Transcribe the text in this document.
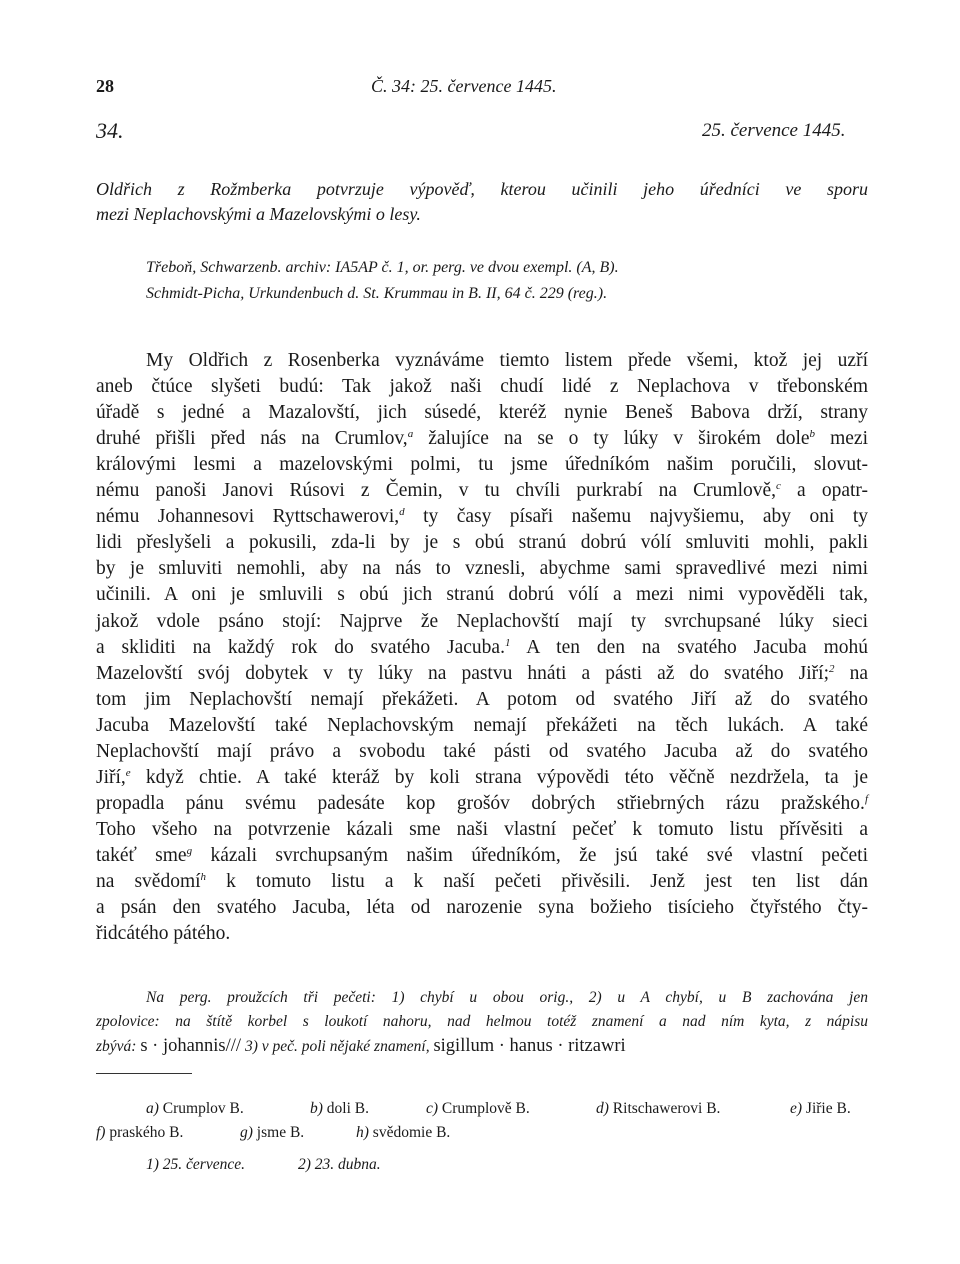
28	Č. 34: 25. července 1445.
34.	25. července 1445.
Oldřich z Rožmberka potvrzuje výpověď, kterou učinili jeho úředníci ve sporu
mezi Neplachovskými a Mazelovskými o lesy.
Třeboň, Schwarzenb. archiv: IA5AP č. 1, or. perg. ve dvou exempl. (A, B).
Schmidt-Picha, Urkundenbuch d. St. Krummau in B. II, 64 č. 229 (reg.).
My Oldřich z Rosenberka vyznáváme tiemto listem přede všemi, ktož jej uzří
aneb čtúce slyšeti budú: Tak jakož naši chudí lidé z Neplachova v třebonském
úřadě s jedné a Mazalovští, jich súsedé, kteréž nynie Beneš Babova drží, strany
druhé přišli před nás na Crumlov,$^a$ žalujíce na se o ty lúky v širokém dole$^b$ mezi
královými lesmi a mazelovskými polmi, tu jsme úředníkóm našim poručili, slovut-
nému panoši Janovi Rúsovi z Čemin, v tu chvíli purkrabí na Crumlově,$^c$ a opatr-
nému Johannesovi Ryttschawerovi,$^d$ ty časy písaři našemu najvyšiemu, aby oni ty
lidi přeslyšeli a pokusili, zda-li by je s obú stranú dobrú vólí smluviti mohli, pakli
by je smluviti nemohli, aby na nás to vznesli, abychme sami spravedlivé mezi nimi
učinili. A oni je smluvili s obú jich stranú dobrú vólí a mezi nimi vypověděli tak,
jakož vdole psáno stojí: Najprve že Neplachovští mají ty svrchupsané lúky sieci
a skliditi na každý rok do svatého Jacuba.$^1$ A ten den na svatého Jacuba mohú
Mazelovští svój dobytek v ty lúky na pastvu hnáti a pásti až do svatého Jiří;$^2$ na
tom jim Neplachovští nemají překážeti. A potom od svatého Jiří až do svatého
Jacuba Mazelovští také Neplachovským nemají překážeti na těch lukách. A také
Neplachovští mají právo a svobodu také pásti od svatého Jacuba až do svatého
Jiří,$^e$ když chtie. A také kteráž by koli strana výpovědi této věčně nezdržela, ta je
propadla pánu svému padesáte kop grošóv dobrých střiebrných rázu pražského.$^f$
Toho všeho na potvrzenie kázali sme naši vlastní pečeť k tomuto listu přívěsiti a
takéť sme$^g$ kázali svrchupsaným našim úředníkóm, že jsú také své vlastní pečeti
na svědomí$^h$ k tomuto listu a k naší pečeti přivěsili. Jenž jest ten list dán
a psán den svatého Jacuba, léta od narozenie syna božieho tisícieho čtyřstého čty-
řidcátého pátého.
Na perg. proužcích tři pečeti: 1) chybí u obou orig., 2) u A chybí, u B zachována jen
zpolovice: na štítě korbel s loukotí nahoru, nad helmou totéž znamení a nad ním kyta, z nápisu
zbývá: s · johannis/// 3) v peč. poli nějaké znamení, sigillum · hanus · ritzawri
a) Crumplov B.	b) doli B.	c) Crumplově B.	d) Ritschawerovi B.	e) Jiřie B.
f) praského B.	g) jsme B.	h) svědomie B.
1) 25. července.	2) 23. dubna.
